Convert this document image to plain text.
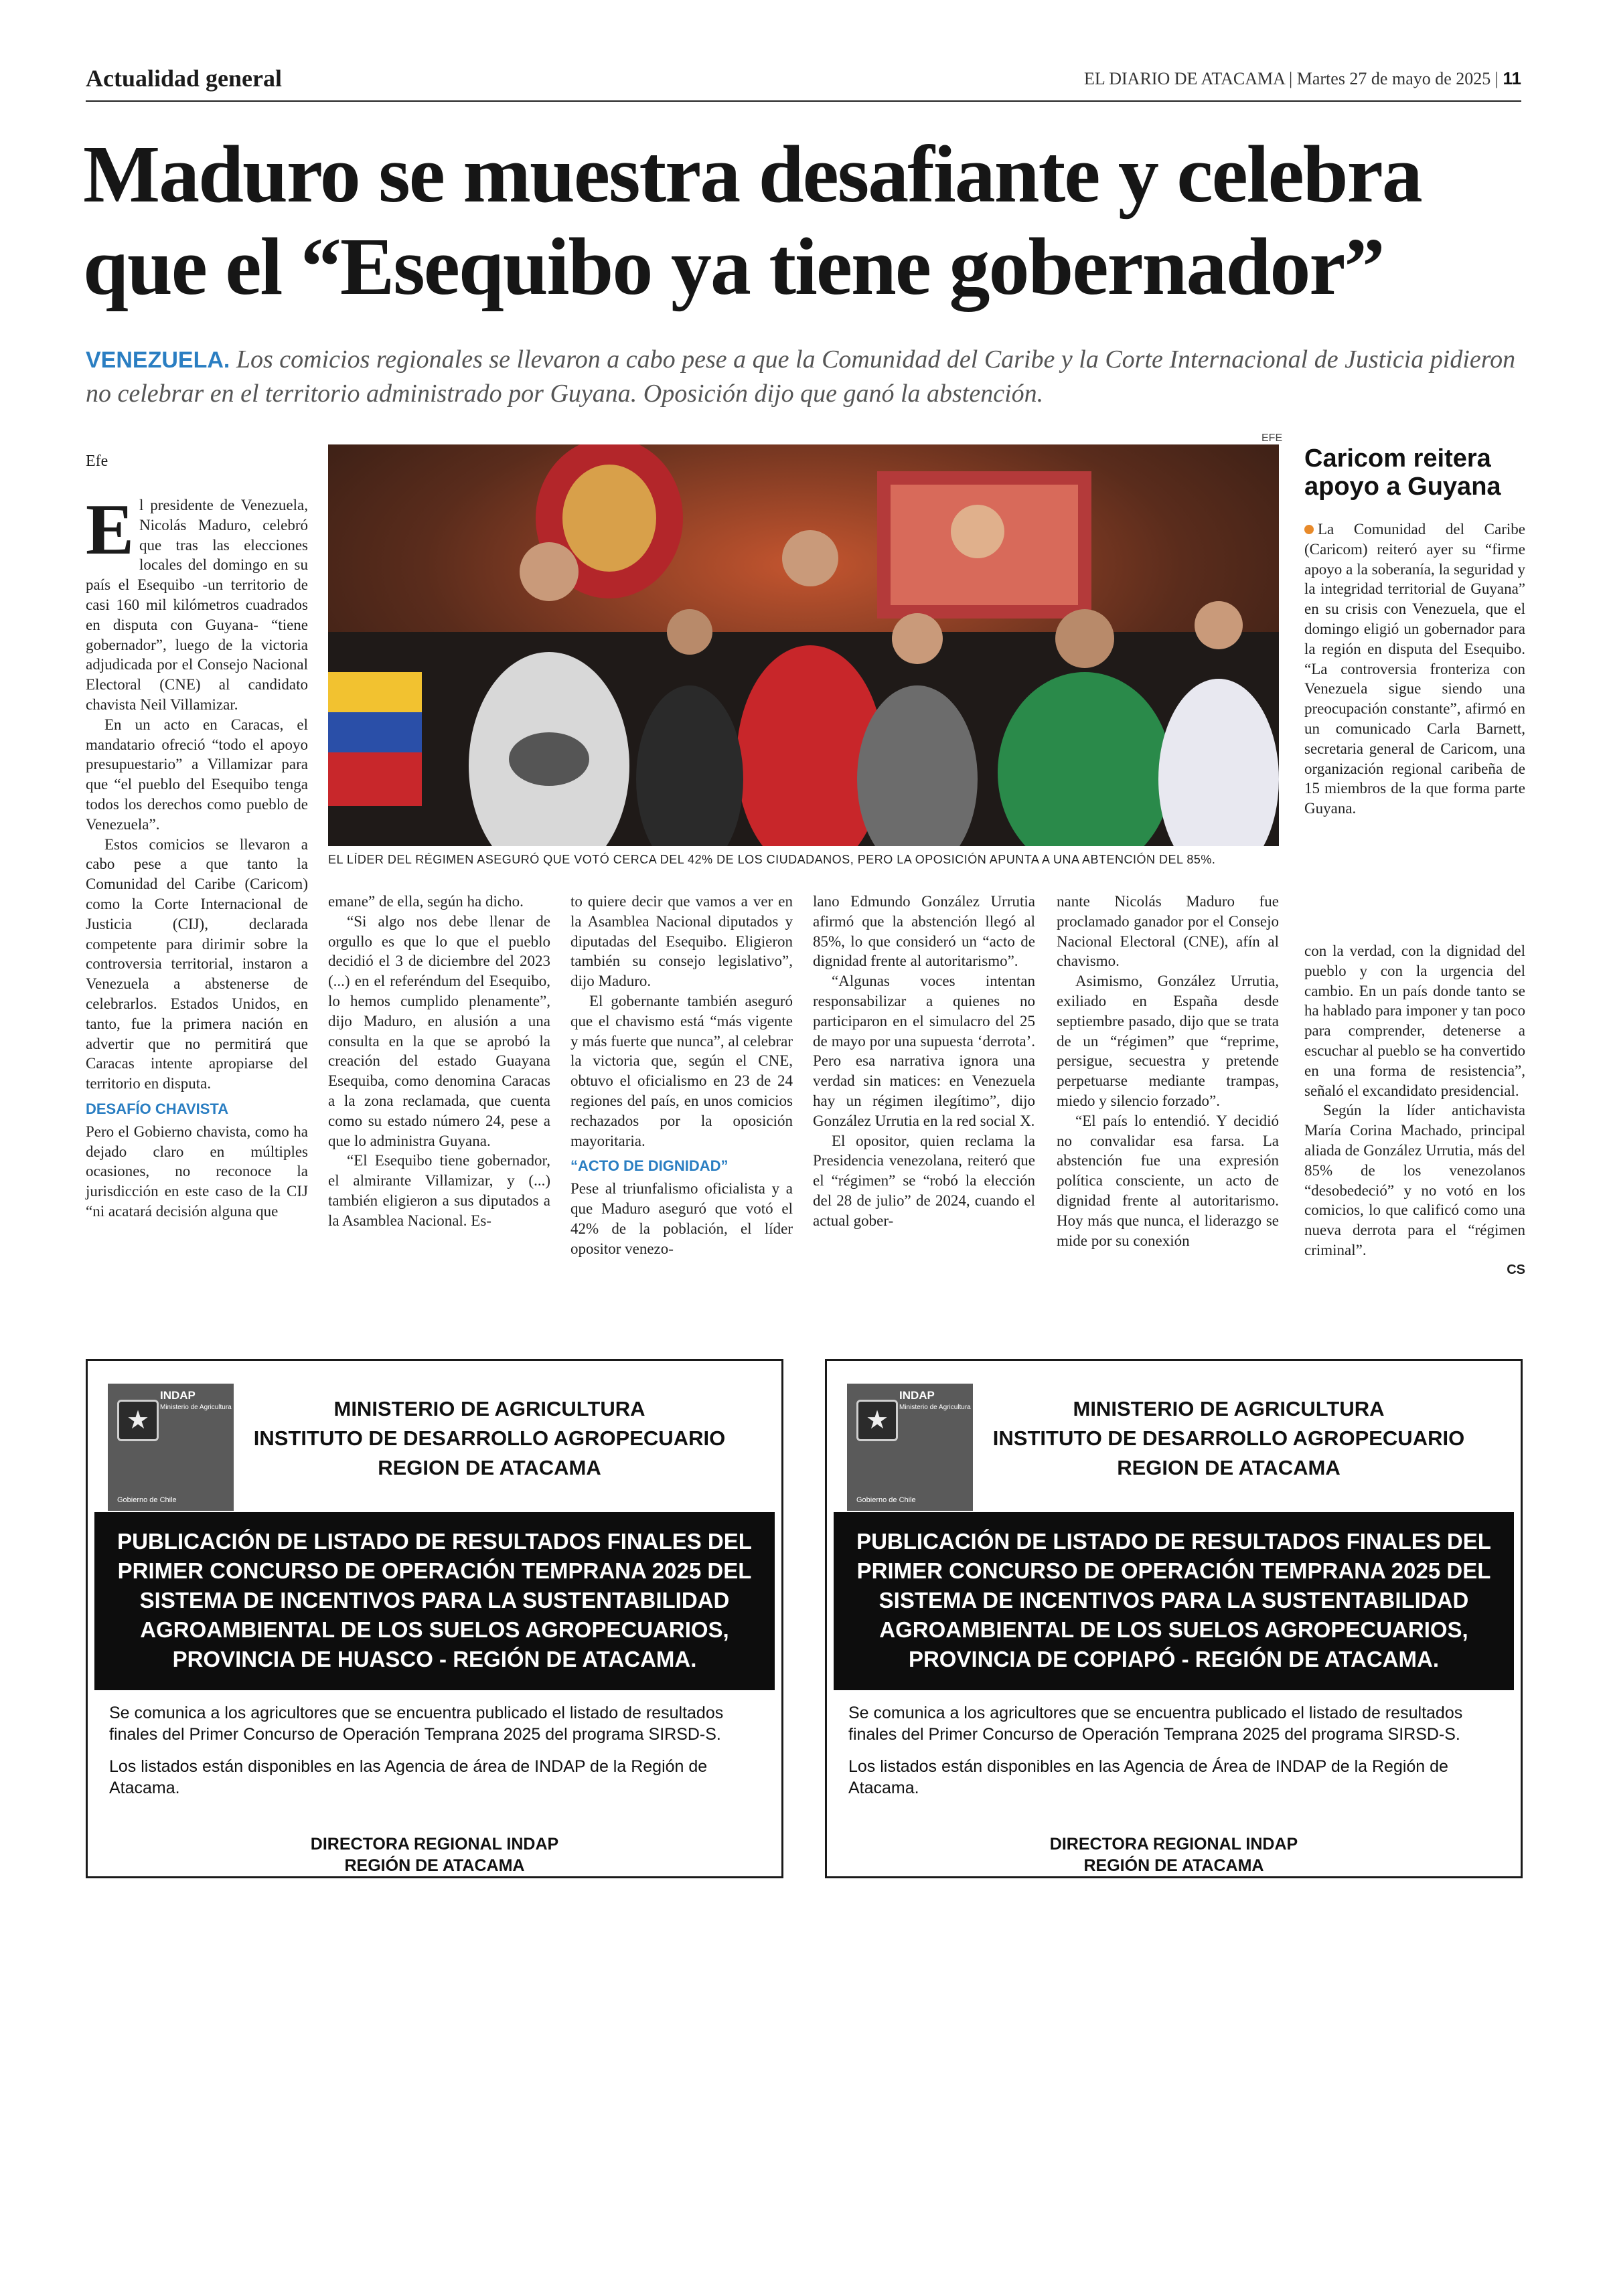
Actualidad general	EL DIARIO DE ATACAMA | Martes 27 de mayo de 2025 | 11
Maduro se muestra desafiante y celebra que el “Esequibo ya tiene gobernador”
VENEZUELA. Los comicios regionales se llevaron a cabo pese a que la Comunidad del Caribe y la Corte Internacional de Justicia pidieron no celebrar en el territorio administrado por Guyana. Oposición dijo que ganó la abstención.
Efe
E l presidente de Venezuela, Nicolás Maduro, celebró que tras las elecciones locales del domingo en su país el Esequibo -un territorio de casi 160 mil kilómetros cuadrados en disputa con Guyana- “tiene gobernador”, luego de la victoria adjudicada por el Consejo Nacional Electoral (CNE) al candidato chavista Neil Villamizar.

En un acto en Caracas, el mandatario ofreció “todo el apoyo presupuestario” a Villamizar para que “el pueblo del Esequibo tenga todos los derechos como pueblo de Venezuela”.

Estos comicios se llevaron a cabo pese a que tanto la Comunidad del Caribe (Caricom) como la Corte Internacional de Justicia (CIJ), declarada competente para dirimir sobre la controversia territorial, instaron a Venezuela a abstenerse de celebrarlos. Estados Unidos, en tanto, fue la primera nación en advertir que no permitirá que Caracas intente apropiarse del territorio en disputa.

DESAFÍO CHAVISTA

Pero el Gobierno chavista, como ha dejado claro en múltiples ocasiones, no reconoce la jurisdicción en este caso de la CIJ “ni acatará decisión alguna que

EFE
EL LÍDER DEL RÉGIMEN ASEGURÓ QUE VOTÓ CERCA DEL 42% DE LOS CIUDADANOS, PERO LA OPOSICIÓN APUNTA A UNA ABTENCIÓN DEL 85%.
Caricom reitera apoyo a Guyana

La Comunidad del Caribe (Caricom) reiteró ayer su “firme apoyo a la soberanía, la seguridad y la integridad territorial de Guyana” en su crisis con Venezuela, que el domingo eligió un gobernador para la región en disputa del Esequibo. “La controversia fronteriza con Venezuela sigue siendo una preocupación constante”, afirmó en un comunicado Carla Barnett, secretaria general de Caricom, una organización regional caribeña de 15 miembros de la que forma parte Guyana.

emane” de ella, según ha dicho.

“Si algo nos debe llenar de orgullo es que lo que el pueblo decidió el 3 de diciembre del 2023 (...) en el referéndum del Esequibo, lo hemos cumplido plenamente”, dijo Maduro, en alusión a una consulta en la que se aprobó la creación del estado Guayana Esequiba, como denomina Caracas a la zona reclamada, que cuenta como su estado número 24, pese a que lo administra Guyana.

“El Esequibo tiene gobernador, el almirante Villamizar, y (...) también eligieron a sus diputados a la Asamblea Nacional. Es-

to quiere decir que vamos a ver en la Asamblea Nacional diputados y diputadas del Esequibo. Eligieron también su consejo legislativo”, dijo Maduro.

El gobernante también aseguró que el chavismo está “más vigente y más fuerte que nunca”, al celebrar la victoria que, según el CNE, obtuvo el oficialismo en 23 de 24 regiones del país, en unos comicios rechazados por la oposición mayoritaria.

“ACTO DE DIGNIDAD”

Pese al triunfalismo oficialista y a que Maduro aseguró que votó el 42% de la población, el líder opositor venezo-

lano Edmundo González Urrutia afirmó que la abstención llegó al 85%, lo que consideró un “acto de dignidad frente al autoritarismo”.

“Algunas voces intentan responsabilizar a quienes no participaron en el simulacro del 25 de mayo por una supuesta ‘derrota’. Pero esa narrativa ignora una verdad sin matices: en Venezuela hay un régimen ilegítimo”, dijo González Urrutia en la red social X.

El opositor, quien reclama la Presidencia venezolana, reiteró que el “régimen” se “robó la elección del 28 de julio” de 2024, cuando el actual gober-

nante Nicolás Maduro fue proclamado ganador por el Consejo Nacional Electoral (CNE), afín al chavismo.

Asimismo, González Urrutia, exiliado en España desde septiembre pasado, dijo que se trata de un “régimen” que “reprime, persigue, secuestra y pretende perpetuarse mediante trampas, miedo y silencio forzado”.

“El país lo entendió. Y decidió no convalidar esa farsa. La abstención fue una expresión política consciente, un acto de dignidad frente al autoritarismo. Hoy más que nunca, el liderazgo se mide por su conexión

con la verdad, con la dignidad del pueblo y con la urgencia del cambio. En un país donde tanto se ha hablado para imponer y tan poco para comprender, detenerse a escuchar al pueblo se ha convertido en una forma de resistencia”, señaló el excandidato presidencial.

Según la líder antichavista María Corina Machado, principal aliada de González Urrutia, más del 85% de los venezolanos “desobedeció” y no votó en los comicios, lo que calificó como una nueva derrota para el “régimen criminal”.

CS
★
INDAP
Ministerio de Agricultura
Gobierno de Chile
MINISTERIO DE AGRICULTURA
INSTITUTO DE DESARROLLO AGROPECUARIO
REGION DE ATACAMA
PUBLICACIÓN DE LISTADO DE RESULTADOS FINALES DEL
PRIMER CONCURSO DE OPERACIÓN TEMPRANA 2025 DEL
SISTEMA DE INCENTIVOS PARA LA SUSTENTABILIDAD
AGROAMBIENTAL DE LOS SUELOS AGROPECUARIOS,
PROVINCIA DE HUASCO - REGIÓN DE ATACAMA.

Se comunica a los agricultores que se encuentra publicado el listado de resultados finales del Primer Concurso de Operación Temprana 2025 del programa SIRSD-S.

Los listados están disponibles en las Agencia de área de INDAP de la Región de Atacama.

DIRECTORA REGIONAL INDAP
REGIÓN DE ATACAMA
★
INDAP
Ministerio de Agricultura
Gobierno de Chile
MINISTERIO DE AGRICULTURA
INSTITUTO DE DESARROLLO AGROPECUARIO
REGION DE ATACAMA
PUBLICACIÓN DE LISTADO DE RESULTADOS FINALES DEL
PRIMER CONCURSO DE OPERACIÓN TEMPRANA 2025 DEL
SISTEMA DE INCENTIVOS PARA LA SUSTENTABILIDAD
AGROAMBIENTAL DE LOS SUELOS AGROPECUARIOS,
PROVINCIA DE COPIAPÓ - REGIÓN DE ATACAMA.

Se comunica a los agricultores que se encuentra publicado el listado de resultados finales del Primer Concurso de Operación Temprana 2025 del programa SIRSD-S.

Los listados están disponibles en las Agencia de Área de INDAP de la Región de Atacama.

DIRECTORA REGIONAL INDAP
REGIÓN DE ATACAMA
